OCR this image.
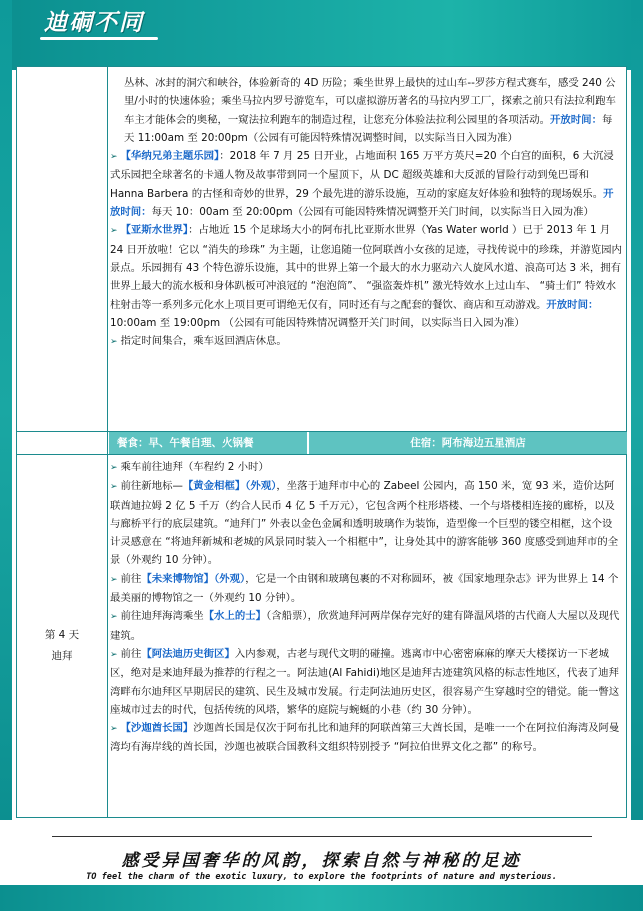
迪硐不同

丛林、冰封的洞穴和峡谷，体验新奇的 4D 历险；乘坐世界上最快的过山车--罗莎方程式赛车，感受 240 公里/小时的快速体验；乘坐马拉内罗号游览车，可以虚拟游历著名的马拉内罗工厂，探索之前只有法拉利跑车车主才能体会的奥秘，一窥法拉利跑车的制造过程，让您充分体验法拉利公园里的各项活动。开放时间：每天 11:00am 至 20:00pm（公园有可能因特殊情况调整时间，以实际当日入园为准）

➢ 【华纳兄弟主题乐园】：2018 年 7 月 25 日开业，占地面积 165 万平方英尺=20 个白宫的面积，6 大沉浸式乐园把全球著名的卡通人物及故事带到同一个屋顶下，从 DC 超级英雄和大反派的冒险行动到兔巴哥和 Hanna Barbera 的古怪和奇妙的世界，29 个最先进的游乐设施，互动的家庭友好体验和独特的现场娱乐。开放时间：每天 10：00am 至 20:00pm（公园有可能因特殊情况调整开关门时间，以实际当日入园为准）

➢ 【亚斯水世界】：占地近 15 个足球场大小的阿布扎比亚斯水世界（Yas Water world ）已于 2013 年 1 月 24 日开放啦！它以 “消失的珍珠” 为主题，让您追随一位阿联酋小女孩的足迹，寻找传说中的珍珠，并游览园内景点。乐园拥有 43 个特色游乐设施，其中的世界上第一个最大的水力驱动六人旋风水道、浪高可达 3 米，拥有世界上最大的流水板和身体趴板可冲浪冠的 “泡泡筒”、 “强盗轰炸机” 激光特效水上过山车、 “骑士们” 特效水柱射击等一系列多元化水上项目更可谓绝无仅有，同时还有与之配套的餐饮、商店和互动游戏。开放时间：10:00am 至 19:00pm （公园有可能因特殊情况调整开关门时间，以实际当日入园为准）

➢ 指定时间集合，乘车返回酒店休息。

餐食：早、午餐自理、火锅餐	住宿：阿布海边五星酒店
第 4 天
迪拜

➢ 乘车前往迪拜（车程约 2 小时）

➢ 前往新地标—【黄金相框】（外观），坐落于迪拜市中心的 Zabeel 公园内，高 150 米，宽 93 米，造价达阿联酋迪拉姆 2 亿 5 千万（约合人民币 4 亿 5 千万元），它包含两个柱形塔楼、一个与塔楼相连接的廊桥，以及与廊桥平行的底层建筑。“迪拜门” 外表以金色金属和透明玻璃作为装饰，造型像一个巨型的镂空相框，这个设计灵感意在 “将迪拜新城和老城的风景同时装入一个相框中”，让身处其中的游客能够 360 度感受到迪拜市的全景（外观约 10 分钟）。

➢ 前往【未来博物馆】（外观），它是一个由钢和玻璃包裹的不对称圆环，被《国家地理杂志》评为世界上 14 个最美丽的博物馆之一（外观约 10 分钟）。

➢ 前往迪拜海湾乘坐【水上的士】（含船票），欣赏迪拜河两岸保存完好的建有降温风塔的古代商人大屋以及现代建筑。

➢ 前往【阿法迪历史街区】入内参观，古老与现代文明的碰撞。逃离市中心密密麻麻的摩天大楼探访一下老城区，绝对是来迪拜最为推荐的行程之一。阿法迪(Al Fahidi)地区是迪拜古迹建筑风格的标志性地区，代表了迪拜湾畔布尔迪拜区早期居民的建筑、民生及城市发展。行走阿法迪历史区，很容易产生穿越时空的错觉。能一瞥这座城市过去的时代，包括传统的风塔，繁华的庭院与蜿蜒的小巷（约 30 分钟）。

➢ 【沙迦酋长国】沙迦酋长国是仅次于阿布扎比和迪拜的阿联酋第三大酋长国，是唯一一个在阿拉伯海湾及阿曼湾均有海岸线的酋长国，沙迦也被联合国教科文组织特别授予 “阿拉伯世界文化之都” 的称号。

感受异国奢华的风韵，探索自然与神秘的足迹
TO feel the charm of the exotic luxury, to explore the footprints of nature and mysterious.
